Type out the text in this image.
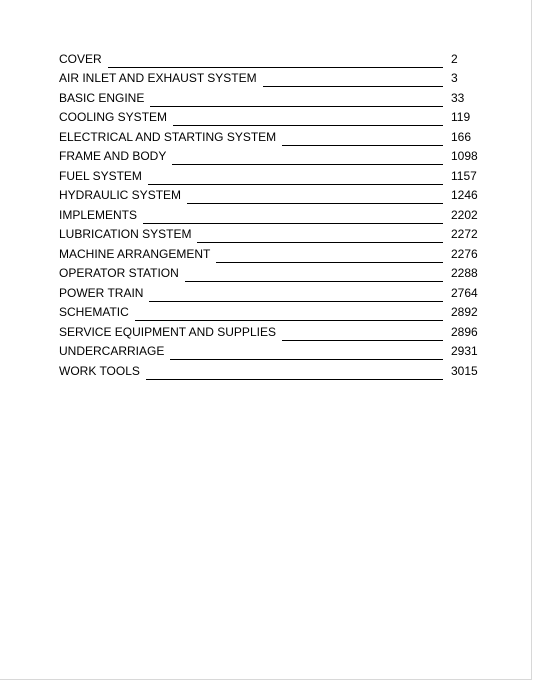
COVER	2
AIR INLET AND EXHAUST SYSTEM	3
BASIC ENGINE	33
COOLING SYSTEM	119
ELECTRICAL AND STARTING SYSTEM	166
FRAME AND BODY	1098
FUEL SYSTEM	1157
HYDRAULIC SYSTEM	1246
IMPLEMENTS	2202
LUBRICATION SYSTEM	2272
MACHINE ARRANGEMENT	2276
OPERATOR STATION	2288
POWER TRAIN	2764
SCHEMATIC	2892
SERVICE EQUIPMENT AND SUPPLIES	2896
UNDERCARRIAGE	2931
WORK TOOLS	3015
